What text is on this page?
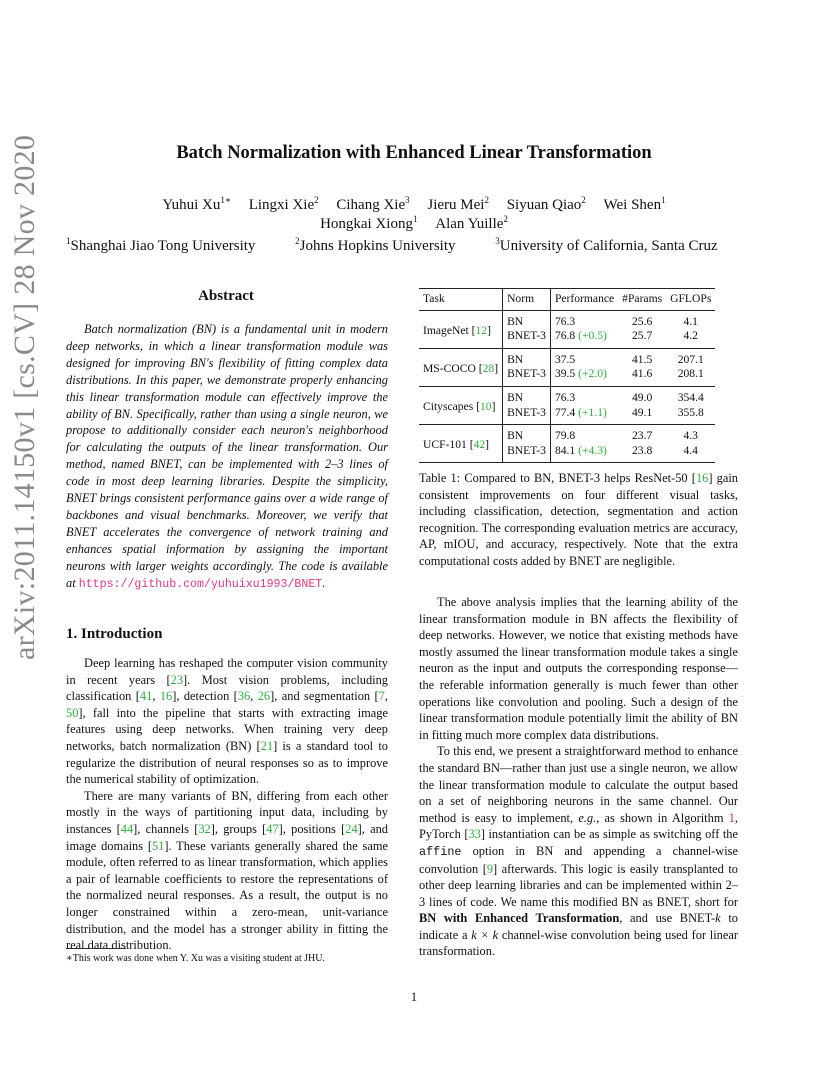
arXiv:2011.14150v1 [cs.CV] 28 Nov 2020	Batch Normalization with Enhanced Linear Transformation
Yuhui $Xu^{1∗}$ Lingxi Xie$^2$ Cihang Xie$^3$ Jieru Mei$^2$ Siyuan Qiao$^2$ Wei Shen$^1$
Hongkai Xiong$^1$ Alan Yuille$^2$
$^1$Shanghai Jiao Tong University	$^2$Johns Hopkins University	$^3$University of California, Santa Cruz
Abstract
Batch normalization (BN) is a fundamental unit in modern deep networks, in which a linear transformation module was designed for improving BN's flexibility of fitting complex data distributions. In this paper, we demonstrate properly enhancing this linear transformation module can effectively improve the ability of BN. Specifically, rather than using a single neuron, we propose to additionally consider each neuron's neighborhood for calculating the outputs of the linear transformation. Our method, named BNET, can be implemented with 2–3 lines of code in most deep learning libraries. Despite the simplicity, BNET brings consistent performance gains over a wide range of backbones and visual benchmarks. Moreover, we verify that BNET accelerates the convergence of network training and enhances spatial information by assigning the important neurons with larger weights accordingly. The code is available at https://github.com/yuhuixu1993/BNET.
1. Introduction

Deep learning has reshaped the computer vision community in recent years [23]. Most vision problems, including classification [41, 16], detection [36, 26], and segmentation [7, 50], fall into the pipeline that starts with extracting image features using deep networks. When training very deep networks, batch normalization (BN) [21] is a standard tool to regularize the distribution of neural responses so as to improve the numerical stability of optimization.

There are many variants of BN, differing from each other mostly in the ways of partitioning input data, including by instances [44], channels [32], groups [47], positions [24], and image domains [51]. These variants generally shared the same module, often referred to as linear transformation, which applies a pair of learnable coefficients to restore the representations of the normalized neural responses. As a result, the output is no longer constrained within a zero-mean, unit-variance distribution, and the model has a stronger ability in fitting the real data distribution.

∗This work was done when Y. Xu was a visiting student at JHU.
Task	Norm	Performance	#Params	GFLOPs
ImageNet [12]	BN	76.3	25.6	4.1
	BNET-3	76.8 (+0.5)	25.7	4.2
MS-COCO [28]	BN	37.5	41.5	207.1
	BNET-3	39.5 (+2.0)	41.6	208.1
Cityscapes [10]	BN	76.3	49.0	354.4
	BNET-3	77.4 (+1.1)	49.1	355.8
UCF-101 [42]	BN	79.8	23.7	4.3
	BNET-3	84.1 (+4.3)	23.8	4.4
Table 1: Compared to BN, BNET-3 helps ResNet-50 [16] gain consistent improvements on four different visual tasks, including classification, detection, segmentation and action recognition. The corresponding evaluation metrics are accuracy, AP, mIOU, and accuracy, respectively. Note that the extra computational costs added by BNET are negligible.

The above analysis implies that the learning ability of the linear transformation module in BN affects the flexibility of deep networks. However, we notice that existing methods have mostly assumed the linear transformation module takes a single neuron as the input and outputs the corresponding response—the referable information generally is much fewer than other operations like convolution and pooling. Such a design of the linear transformation module potentially limit the ability of BN in fitting much more complex data distributions.

To this end, we present a straightforward method to enhance the standard BN—rather than just use a single neuron, we allow the linear transformation module to calculate the output based on a set of neighboring neurons in the same channel. Our method is easy to implement, e.g., as shown in Algorithm 1, PyTorch [33] instantiation can be as simple as switching off the affine option in BN and appending a channel-wise convolution [9] afterwards. This logic is easily transplanted to other deep learning libraries and can be implemented within 2–3 lines of code. We name this modified BN as BNET, short for BN with Enhanced Transformation, and use BNET-k to indicate a k × k channel-wise convolution being used for linear transformation.

1
